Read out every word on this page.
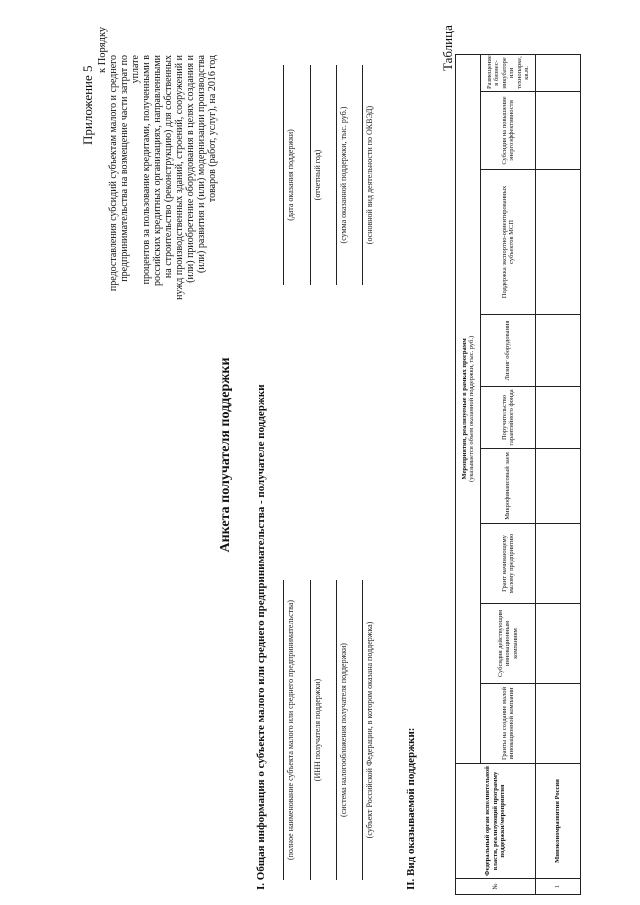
Приложение 5
к Порядку
предоставления субсидий субъектам малого и среднего предпринимательства на возмещение части затрат по уплате процентов за пользование кредитами, полученными в российских кредитных организациях, направленными на строительство (реконструкцию) для собственных нужд производственных зданий, строений, сооружений и (или) приобретение оборудования в целях создания и (или) развития и (или) модернизации производства товаров (работ, услуг), на 2016 год	(дата оказания поддержки) (отчетный год) (сумма оказанной поддержки, тыс. руб.) (основной вид деятельности по ОКВЭД)
Анкета получателя поддержки I. Общая информация о субъекте малого или среднего предпринимательства - получателе поддержки (полное наименование субъекта малого или среднего предпринимательства) (ИНН получателя поддержки) (система налогообложения получателя поддержки) (субъект Российской Федерации, в котором оказана поддержка)	II. Вид оказываемой поддержки:
Таблица
№	Федеральный орган исполнительной власти, реализующий программу поддержки/мероприятия	Мероприятия, реализуемые в рамках программ (указывается объем оказанной поддержки, тыс. руб.)								

		Гранты на создание малой инновационной компании	Субсидия действующим инновационным компаниям	Грант начинающему малому предприятию	Микрофинансовый заем	Поручительство гарантийного фонда	Лизинг оборудования	Поддержка экспортно-ориентированных субъектов МСП	Субсидия на повышение энергоэффективности	Размещение в бизнес-инкубаторе или технопарке, кв.м.
1	Минэкономразвития России									
